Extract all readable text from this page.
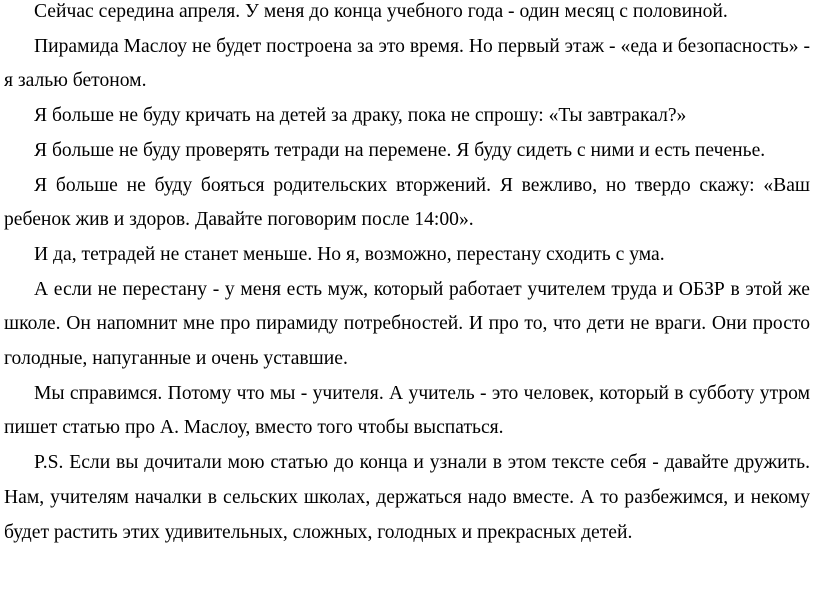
Сейчас середина апреля. У меня до конца учебного года - один месяц с половиной.

Пирамида Маслоу не будет построена за это время. Но первый этаж - «еда и безопасность» - я залью бетоном.

Я больше не буду кричать на детей за драку, пока не спрошу: «Ты завтракал?»

Я больше не буду проверять тетради на перемене. Я буду сидеть с ними и есть печенье.

Я больше не буду бояться родительских вторжений. Я вежливо, но твердо скажу: «Ваш ребенок жив и здоров. Давайте поговорим после 14:00».

И да, тетрадей не станет меньше. Но я, возможно, перестану сходить с ума.

А если не перестану - у меня есть муж, который работает учителем труда и ОБЗР в этой же школе. Он напомнит мне про пирамиду потребностей. И про то, что дети не враги. Они просто голодные, напуганные и очень уставшие.

Мы справимся. Потому что мы - учителя. А учитель - это человек, который в субботу утром пишет статью про А. Маслоу, вместо того чтобы выспаться.

P.S. Если вы дочитали мою статью до конца и узнали в этом тексте себя - давайте дружить. Нам, учителям началки в сельских школах, держаться надо вместе. А то разбежимся, и некому будет растить этих удивительных, сложных, голодных и прекрасных детей.
